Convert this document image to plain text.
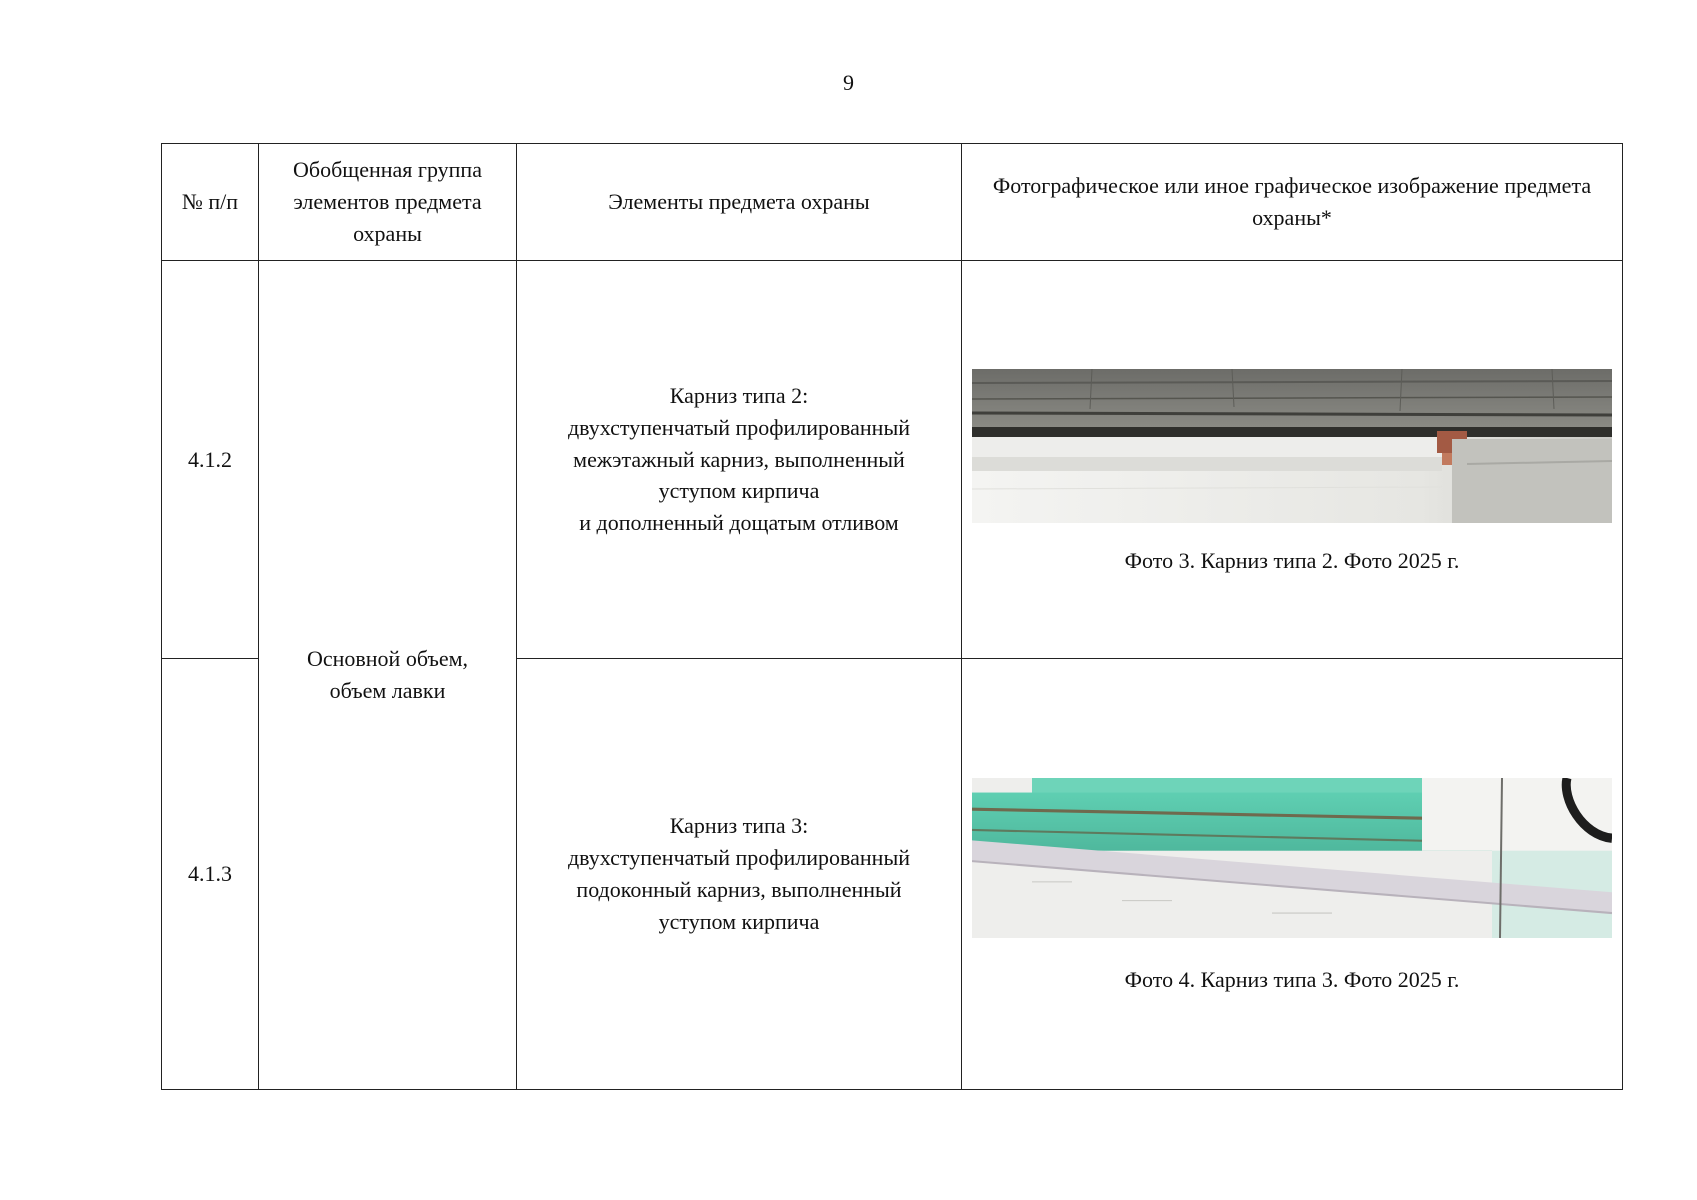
9
№ п/п	Обобщенная группа элементов предмета охраны	Элементы предмета охраны	Фотографическое или иное графическое изображение предмета охраны*
4.1.2	Основной объем, объем лавки	Карниз типа 2:
двухступенчатый профилированный
межэтажный карниз, выполненный
уступом кирпича
и дополненный дощатым отливом	Фото 3. Карниз типа 2. Фото 2025 г.

4.1.3		Карниз типа 3:
двухступенчатый профилированный
подоконный карниз, выполненный
уступом кирпича	Фото 4. Карниз типа 3. Фото 2025 г.
